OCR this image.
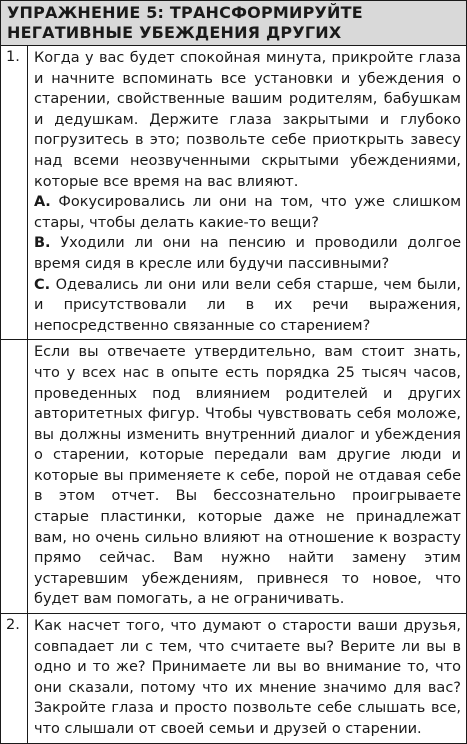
УПРАЖНЕНИЕ 5: ТРАНСФОРМИРУЙТЕ
НЕГАТИВНЫЕ УБЕЖДЕНИЯ ДРУГИХ
1.	Когда у вас будет спокойная минута, прикройте глаза и начните вспоминать все установки и убеждения о старении, свойственные вашим родителям, бабушкам и дедушкам. Держите глаза закрытыми и глубоко погрузитесь в это; позвольте себе приоткрыть завесу над всеми неозвученными скрытыми убеждениями, которые все время на вас влияют.
А. Фокусировались ли они на том, что уже слишком стары, чтобы делать какие-то вещи?
В. Уходили ли они на пенсию и проводили долгое время сидя в кресле или будучи пассивными?
С. Одевались ли они или вели себя старше, чем были, и присутствовали ли в их речи выражения, непосредственно связанные со старением?

	Если вы отвечаете утвердительно, вам стоит знать, что у всех нас в опыте есть порядка 25 тысяч часов, проведенных под влиянием родителей и других авторитетных фигур. Чтобы чувствовать себя моложе, вы должны изменить внутренний диалог и убеждения о старении, которые передали вам другие люди и которые вы применяете к себе, порой не отдавая себе в этом отчет. Вы бессознательно проигрываете старые пластинки, которые даже не принадлежат вам, но очень сильно влияют на отношение к возрасту прямо сейчас. Вам нужно найти замену этим устаревшим убеждениям, привнеся то новое, что будет вам помогать, а не ограничивать.

2.	Как насчет того, что думают о старости ваши друзья, совпадает ли с тем, что считаете вы? Верите ли вы в одно и то же? Принимаете ли вы во внимание то, что они сказали, потому что их мнение значимо для вас? Закройте глаза и просто позвольте себе слышать все, что слышали от своей семьи и друзей о старении.
